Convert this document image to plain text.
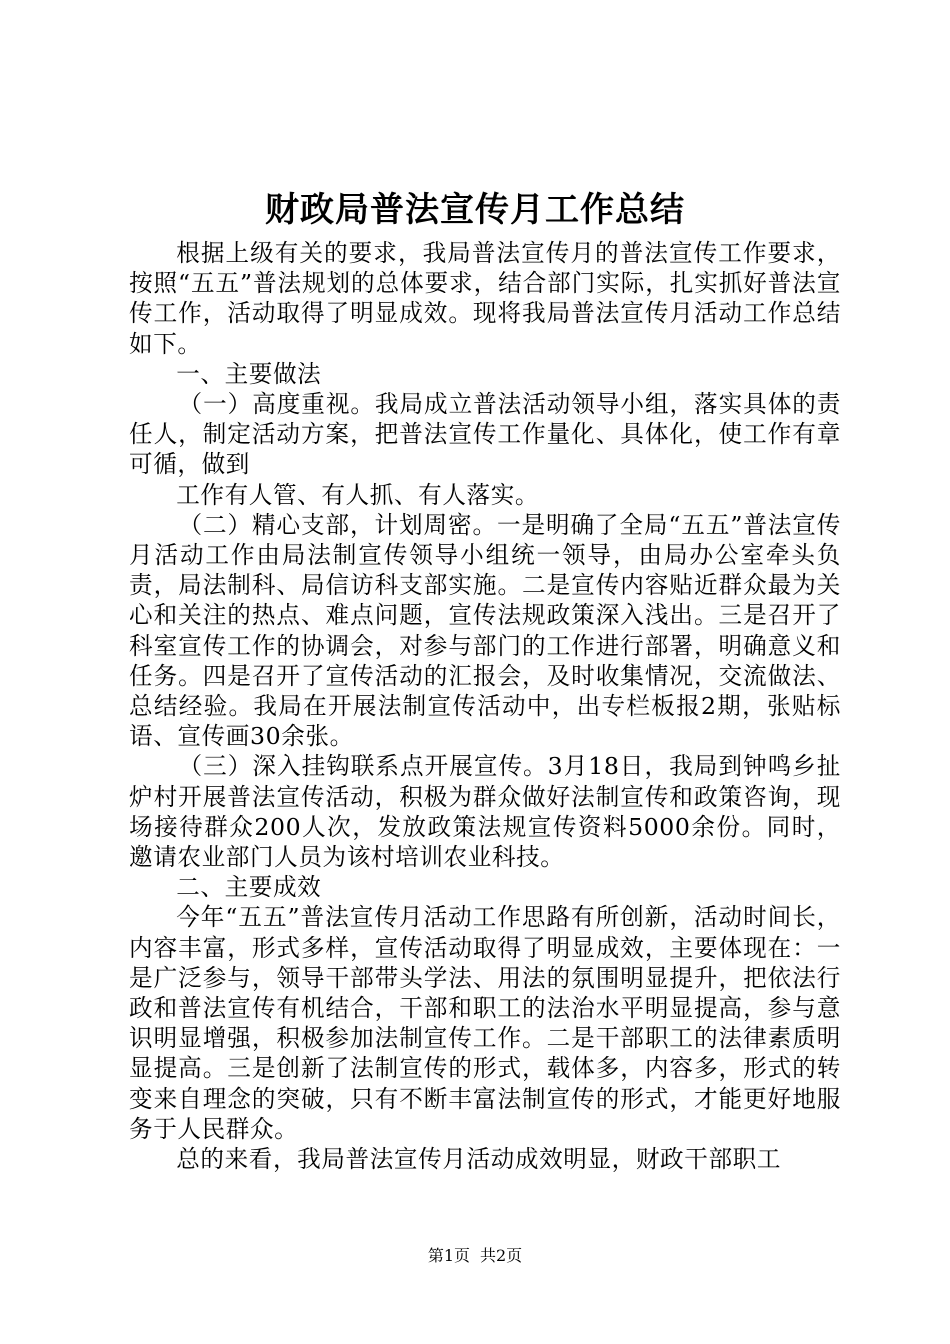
财政局普法宣传月工作总结

根据上级有关的要求，我局普法宣传月的普法宣传工作要求，按照“五五”普法规划的总体要求，结合部门实际，扎实抓好普法宣传工作，活动取得了明显成效。现将我局普法宣传月活动工作总结如下。

一、主要做法

（一）高度重视。我局成立普法活动领导小组，落实具体的责任人，制定活动方案，把普法宣传工作量化、具体化，使工作有章可循，做到

工作有人管、有人抓、有人落实。

（二）精心支部，计划周密。一是明确了全局“五五”普法宣传月活动工作由局法制宣传领导小组统一领导，由局办公室牵头负责，局法制科、局信访科支部实施。二是宣传内容贴近群众最为关心和关注的热点、难点问题，宣传法规政策深入浅出。三是召开了科室宣传工作的协调会，对参与部门的工作进行部署，明确意义和任务。四是召开了宣传活动的汇报会，及时收集情况，交流做法、总结经验。我局在开展法制宣传活动中，出专栏板报2期，张贴标语、宣传画30余张。

（三）深入挂钩联系点开展宣传。3月18日，我局到钟鸣乡扯炉村开展普法宣传活动，积极为群众做好法制宣传和政策咨询，现场接待群众200人次，发放政策法规宣传资料5000余份。同时，邀请农业部门人员为该村培训农业科技。

二、主要成效

今年“五五”普法宣传月活动工作思路有所创新，活动时间长，内容丰富，形式多样，宣传活动取得了明显成效，主要体现在：一是广泛参与，领导干部带头学法、用法的氛围明显提升，把依法行政和普法宣传有机结合，干部和职工的法治水平明显提高，参与意识明显增强，积极参加法制宣传工作。二是干部职工的法律素质明显提高。三是创新了法制宣传的形式，载体多，内容多，形式的转变来自理念的突破，只有不断丰富法制宣传的形式，才能更好地服务于人民群众。

总的来看，我局普法宣传月活动成效明显，财政干部职工

第1页 共2页
